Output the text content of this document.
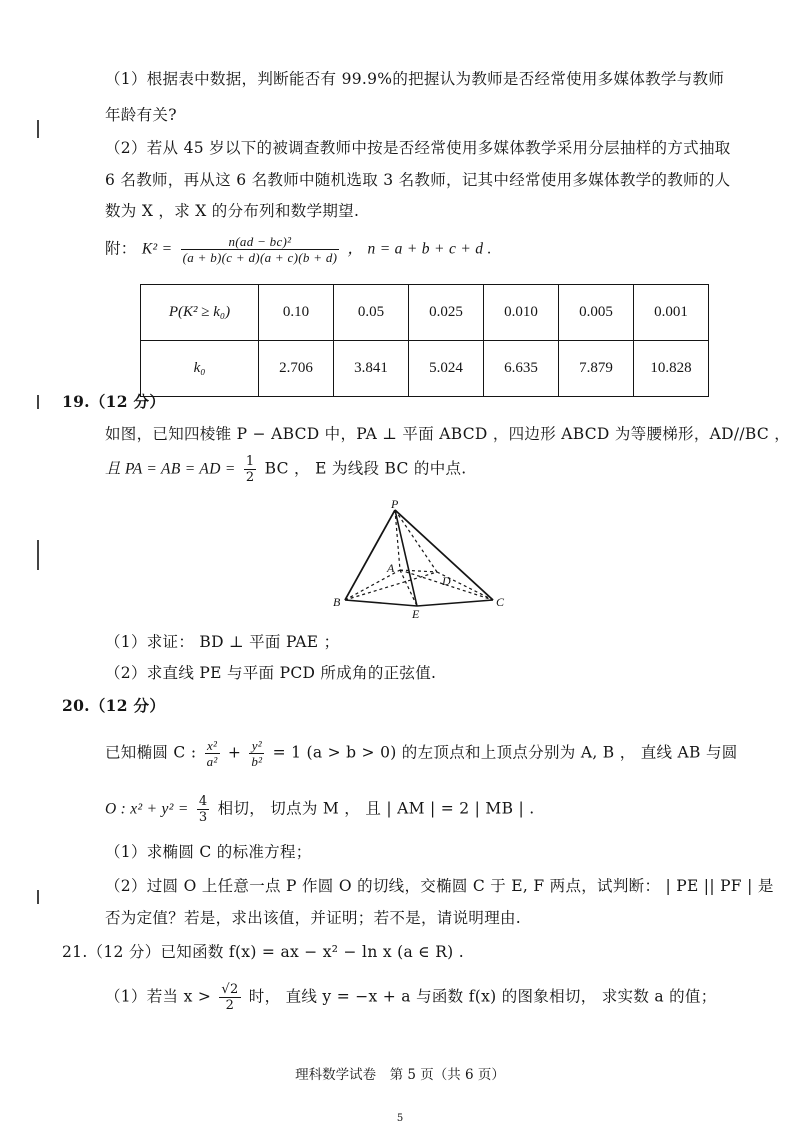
（1）根据表中数据，判断能否有 99.9%的把握认为教师是否经常使用多媒体教学与教师
年龄有关?
（2）若从 45 岁以下的被调查教师中按是否经常使用多媒体教学采用分层抽样的方式抽取
6 名教师，再从这 6 名教师中随机选取 3 名教师，记其中经常使用多媒体教学的教师的人
数为 X ，求 X 的分布列和数学期望.
附： $K^2 = \frac{\text{n(ad − bc)²}}{(a + b)(c + d)(a + c)(b + d)}$ ， n = a + b + c + d .
P(K² ≥ k₀)	0.10	0.05	0.025	0.010	0.005	0.001
k₀	2.706	3.841	5.024	6.635	7.879	10.828
19.（12 分）
如图，已知四棱锥 P − ABCD 中，PA ⊥ 平面 ABCD ，四边形 ABCD 为等腰梯形，AD//BC ，
且 PA = AB = AD = $\frac{1}{2}$ BC ， E 为线段 BC 的中点.
P
A
D
B
E
C
（1）求证： BD ⊥ 平面 PAE ；
（2）求直线 PE 与平面 PCD 所成角的正弦值.
20.（12 分）
已知椭圆 C : $\frac{\text{x²}}{\text{a²}} + \frac{\text{y²}}{\text{b²}} = 1$ (a > b > 0) 的左顶点和上顶点分别为 A, B ， 直线 AB 与圆
O : $x^2 + y^2 = \frac{4}{3}$ 相切， 切点为 M ， 且 | AM | = 2 | MB | .
（1）求椭圆 C 的标准方程；
（2）过圆 O 上任意一点 P 作圆 O 的切线，交椭圆 C 于 E, F 两点，试判断： | PE || PF | 是
否为定值？若是，求出该值，并证明；若不是，请说明理由.
21.（12 分）已知函数 f(x) = ax − x² − ln x (a ∈ R) .
（1）若当 $x > \frac{√2}{2}$ 时， 直线 y = −x + a 与函数 f(x) 的图象相切， 求实数 a 的值；
理科数学试卷　第 5 页（共 6 页）
5
